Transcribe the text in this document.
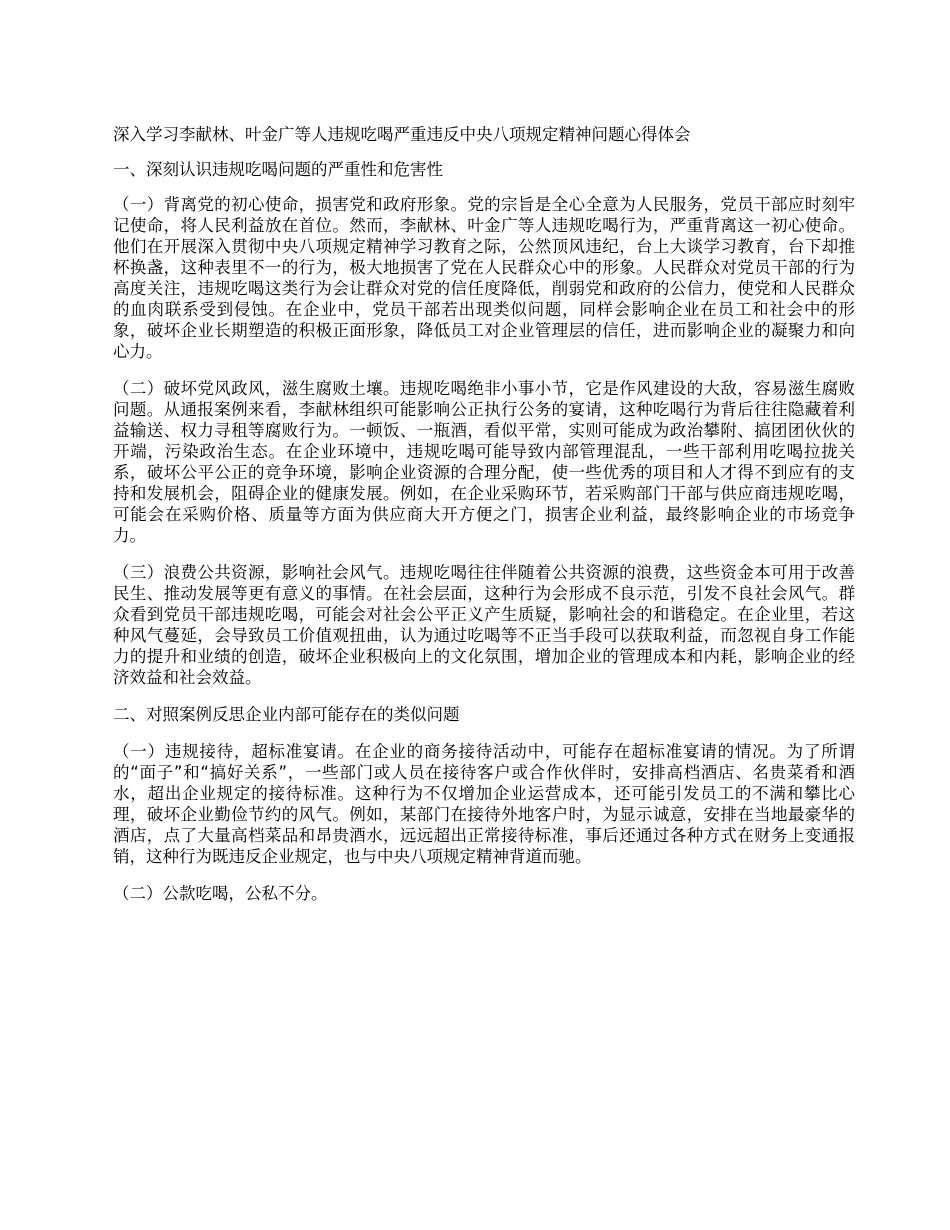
深入学习李献林、叶金广等人违规吃喝严重违反中央八项规定精神问题心得体会

一、深刻认识违规吃喝问题的严重性和危害性

（一）背离党的初心使命，损害党和政府形象。党的宗旨是全心全意为人民服务，党员干部应时刻牢记使命，将人民利益放在首位。然而，李献林、叶金广等人违规吃喝行为，严重背离这一初心使命。他们在开展深入贯彻中央八项规定精神学习教育之际，公然顶风违纪，台上大谈学习教育，台下却推杯换盏，这种表里不一的行为，极大地损害了党在人民群众心中的形象。人民群众对党员干部的行为高度关注，违规吃喝这类行为会让群众对党的信任度降低，削弱党和政府的公信力，使党和人民群众的血肉联系受到侵蚀。在企业中，党员干部若出现类似问题，同样会影响企业在员工和社会中的形象，破坏企业长期塑造的积极正面形象，降低员工对企业管理层的信任，进而影响企业的凝聚力和向心力。

（二）破坏党风政风，滋生腐败土壤。违规吃喝绝非小事小节，它是作风建设的大敌，容易滋生腐败问题。从通报案例来看，李献林组织可能影响公正执行公务的宴请，这种吃喝行为背后往往隐藏着利益输送、权力寻租等腐败行为。一顿饭、一瓶酒，看似平常，实则可能成为政治攀附、搞团团伙伙的开端，污染政治生态。在企业环境中，违规吃喝可能导致内部管理混乱，一些干部利用吃喝拉拢关系，破坏公平公正的竞争环境，影响企业资源的合理分配，使一些优秀的项目和人才得不到应有的支持和发展机会，阻碍企业的健康发展。例如，在企业采购环节，若采购部门干部与供应商违规吃喝，可能会在采购价格、质量等方面为供应商大开方便之门，损害企业利益，最终影响企业的市场竞争力。

（三）浪费公共资源，影响社会风气。违规吃喝往往伴随着公共资源的浪费，这些资金本可用于改善民生、推动发展等更有意义的事情。在社会层面，这种行为会形成不良示范，引发不良社会风气。群众看到党员干部违规吃喝，可能会对社会公平正义产生质疑，影响社会的和谐稳定。在企业里，若这种风气蔓延，会导致员工价值观扭曲，认为通过吃喝等不正当手段可以获取利益，而忽视自身工作能力的提升和业绩的创造，破坏企业积极向上的文化氛围，增加企业的管理成本和内耗，影响企业的经济效益和社会效益。

二、对照案例反思企业内部可能存在的类似问题

（一）违规接待，超标准宴请。在企业的商务接待活动中，可能存在超标准宴请的情况。为了所谓的“面子”和“搞好关系”，一些部门或人员在接待客户或合作伙伴时，安排高档酒店、名贵菜肴和酒水，超出企业规定的接待标准。这种行为不仅增加企业运营成本，还可能引发员工的不满和攀比心理，破坏企业勤俭节约的风气。例如，某部门在接待外地客户时，为显示诚意，安排在当地最豪华的酒店，点了大量高档菜品和昂贵酒水，远远超出正常接待标准，事后还通过各种方式在财务上变通报销，这种行为既违反企业规定，也与中央八项规定精神背道而驰。

（二）公款吃喝，公私不分。
